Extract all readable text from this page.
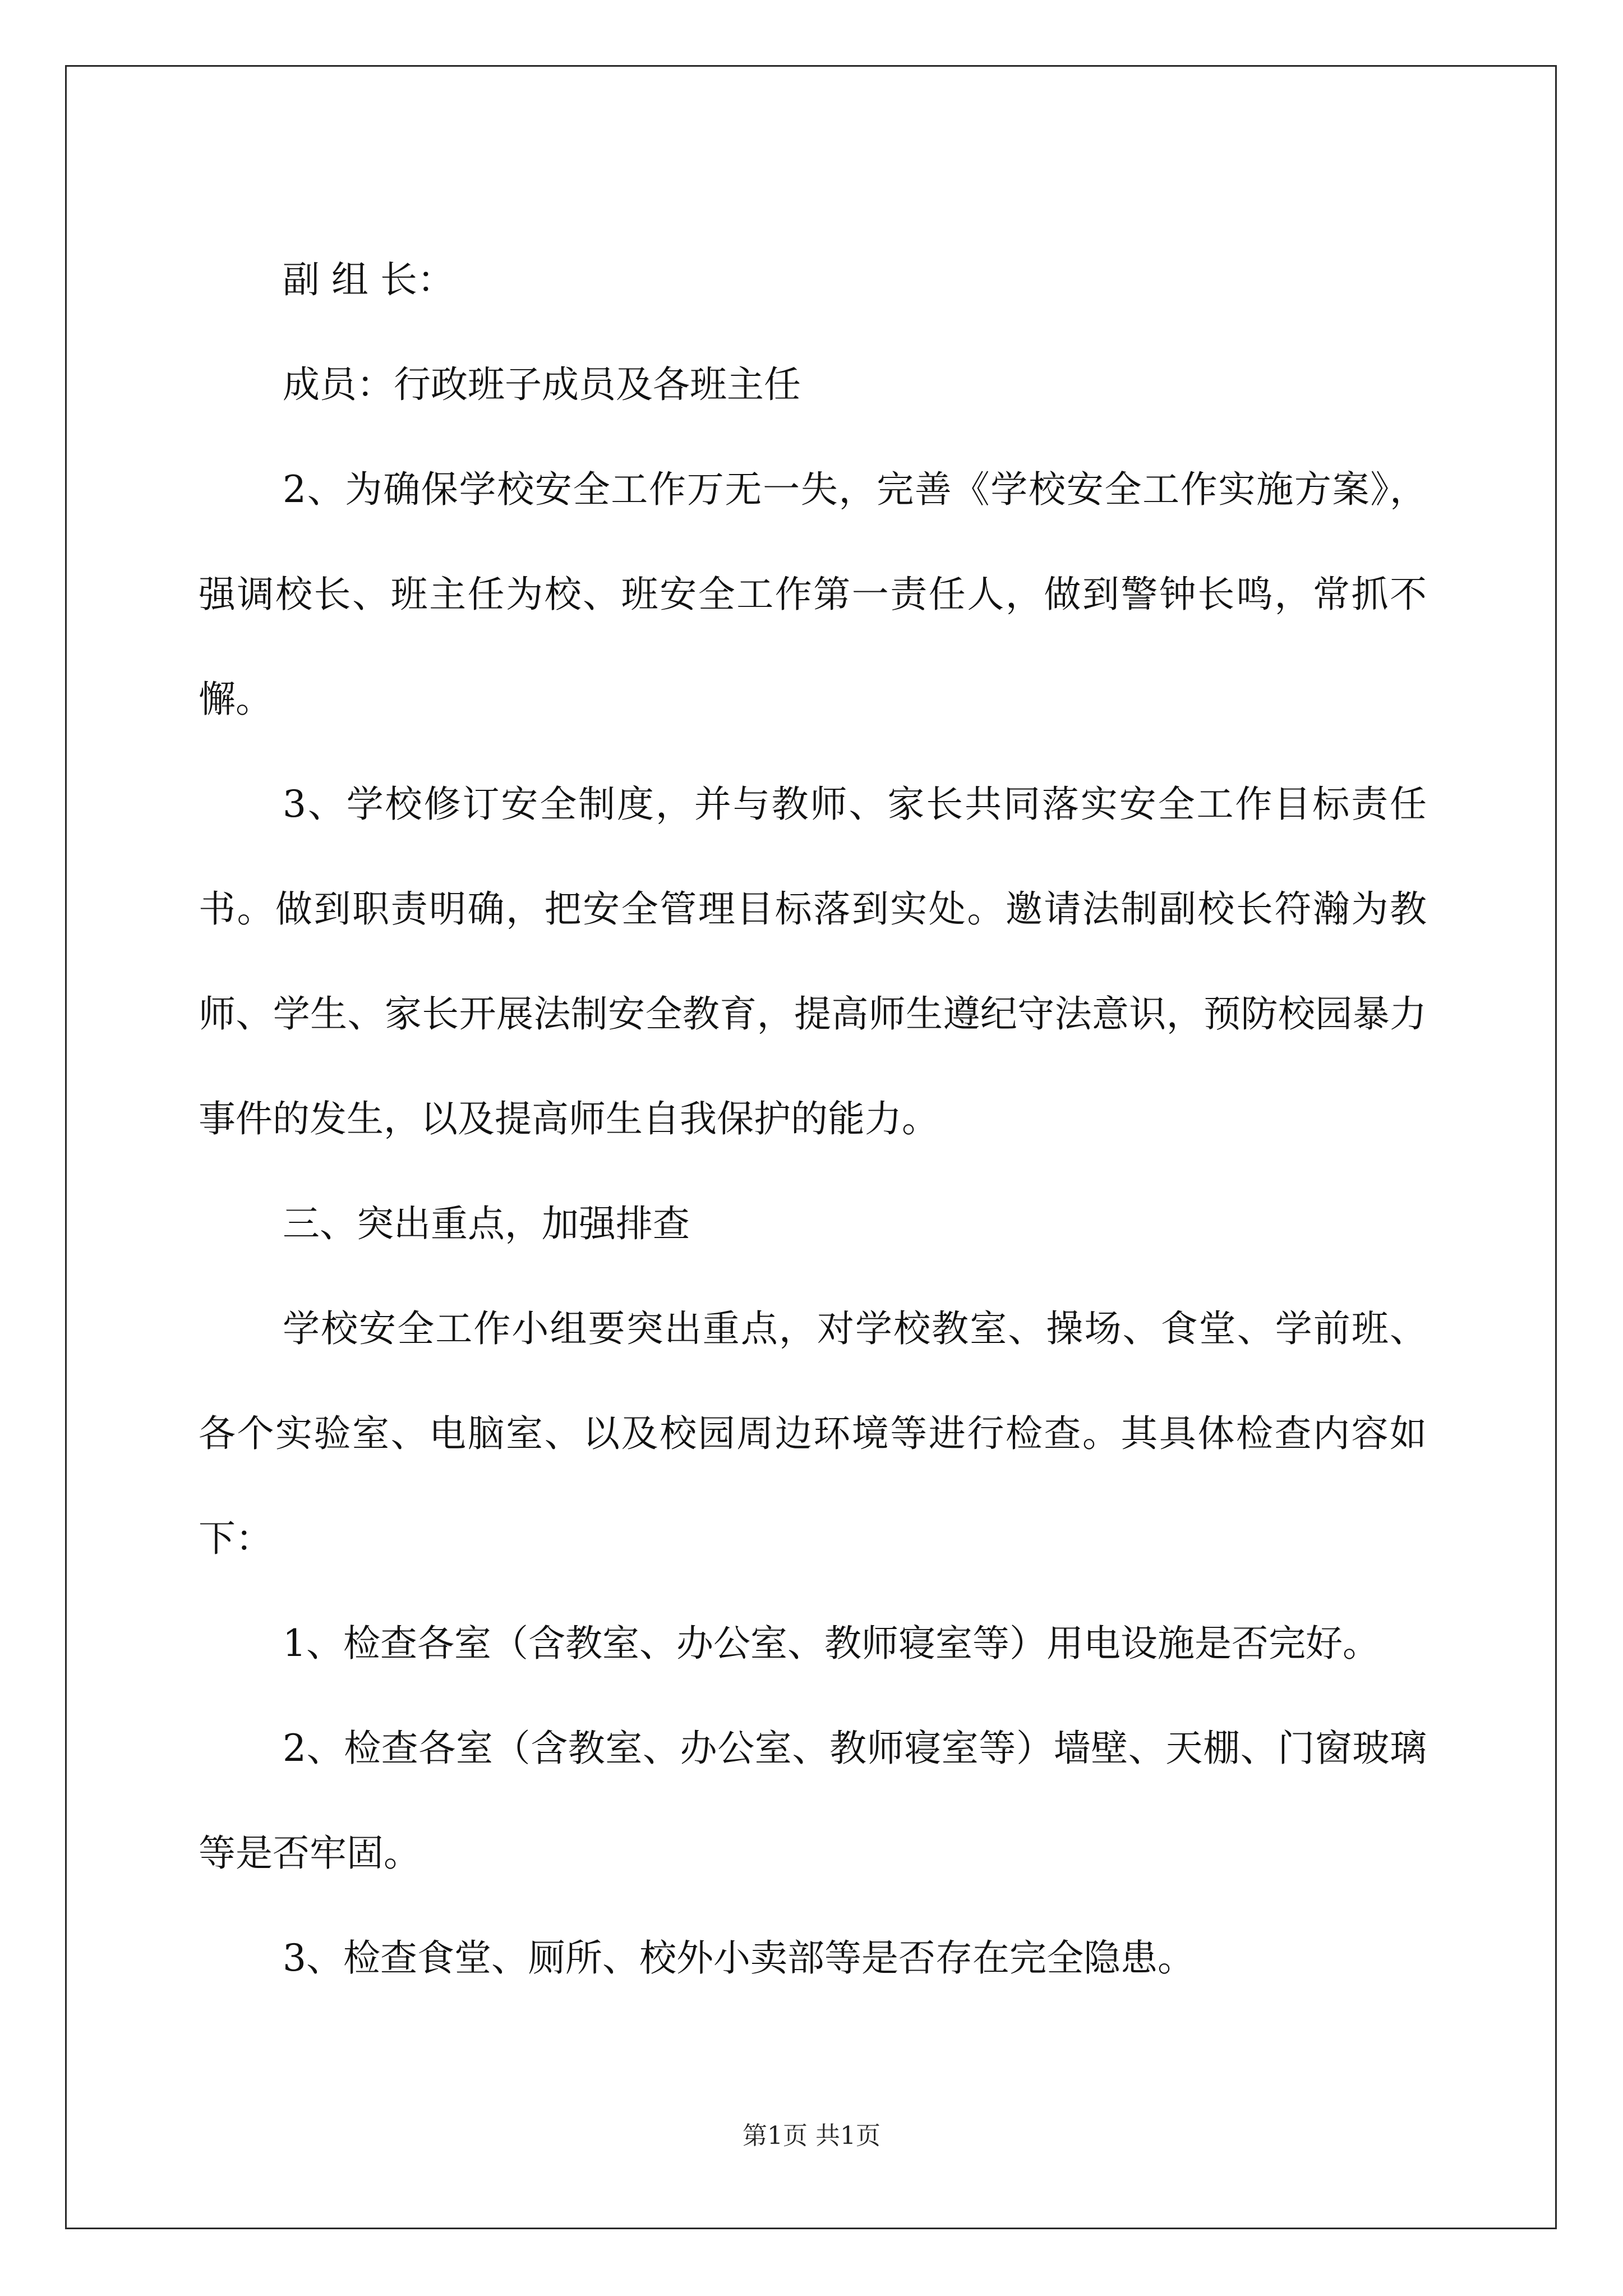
副 组 长：

成员：行政班子成员及各班主任

2、为确保学校安全工作万无一失，完善《学校安全工作实施方案》，强调校长、班主任为校、班安全工作第一责任人，做到警钟长鸣，常抓不懈。

3、学校修订安全制度，并与教师、家长共同落实安全工作目标责任书。做到职责明确，把安全管理目标落到实处。邀请法制副校长符瀚为教师、学生、家长开展法制安全教育，提高师生遵纪守法意识，预防校园暴力事件的发生，以及提高师生自我保护的能力。

三、突出重点，加强排查

学校安全工作小组要突出重点，对学校教室、操场、食堂、学前班、各个实验室、电脑室、以及校园周边环境等进行检查。其具体检查内容如下：

1、检查各室（含教室、办公室、教师寝室等）用电设施是否完好。

2、检查各室（含教室、办公室、教师寝室等）墙壁、天棚、门窗玻璃等是否牢固。

3、检查食堂、厕所、校外小卖部等是否存在完全隐患。

第1页 共1页
